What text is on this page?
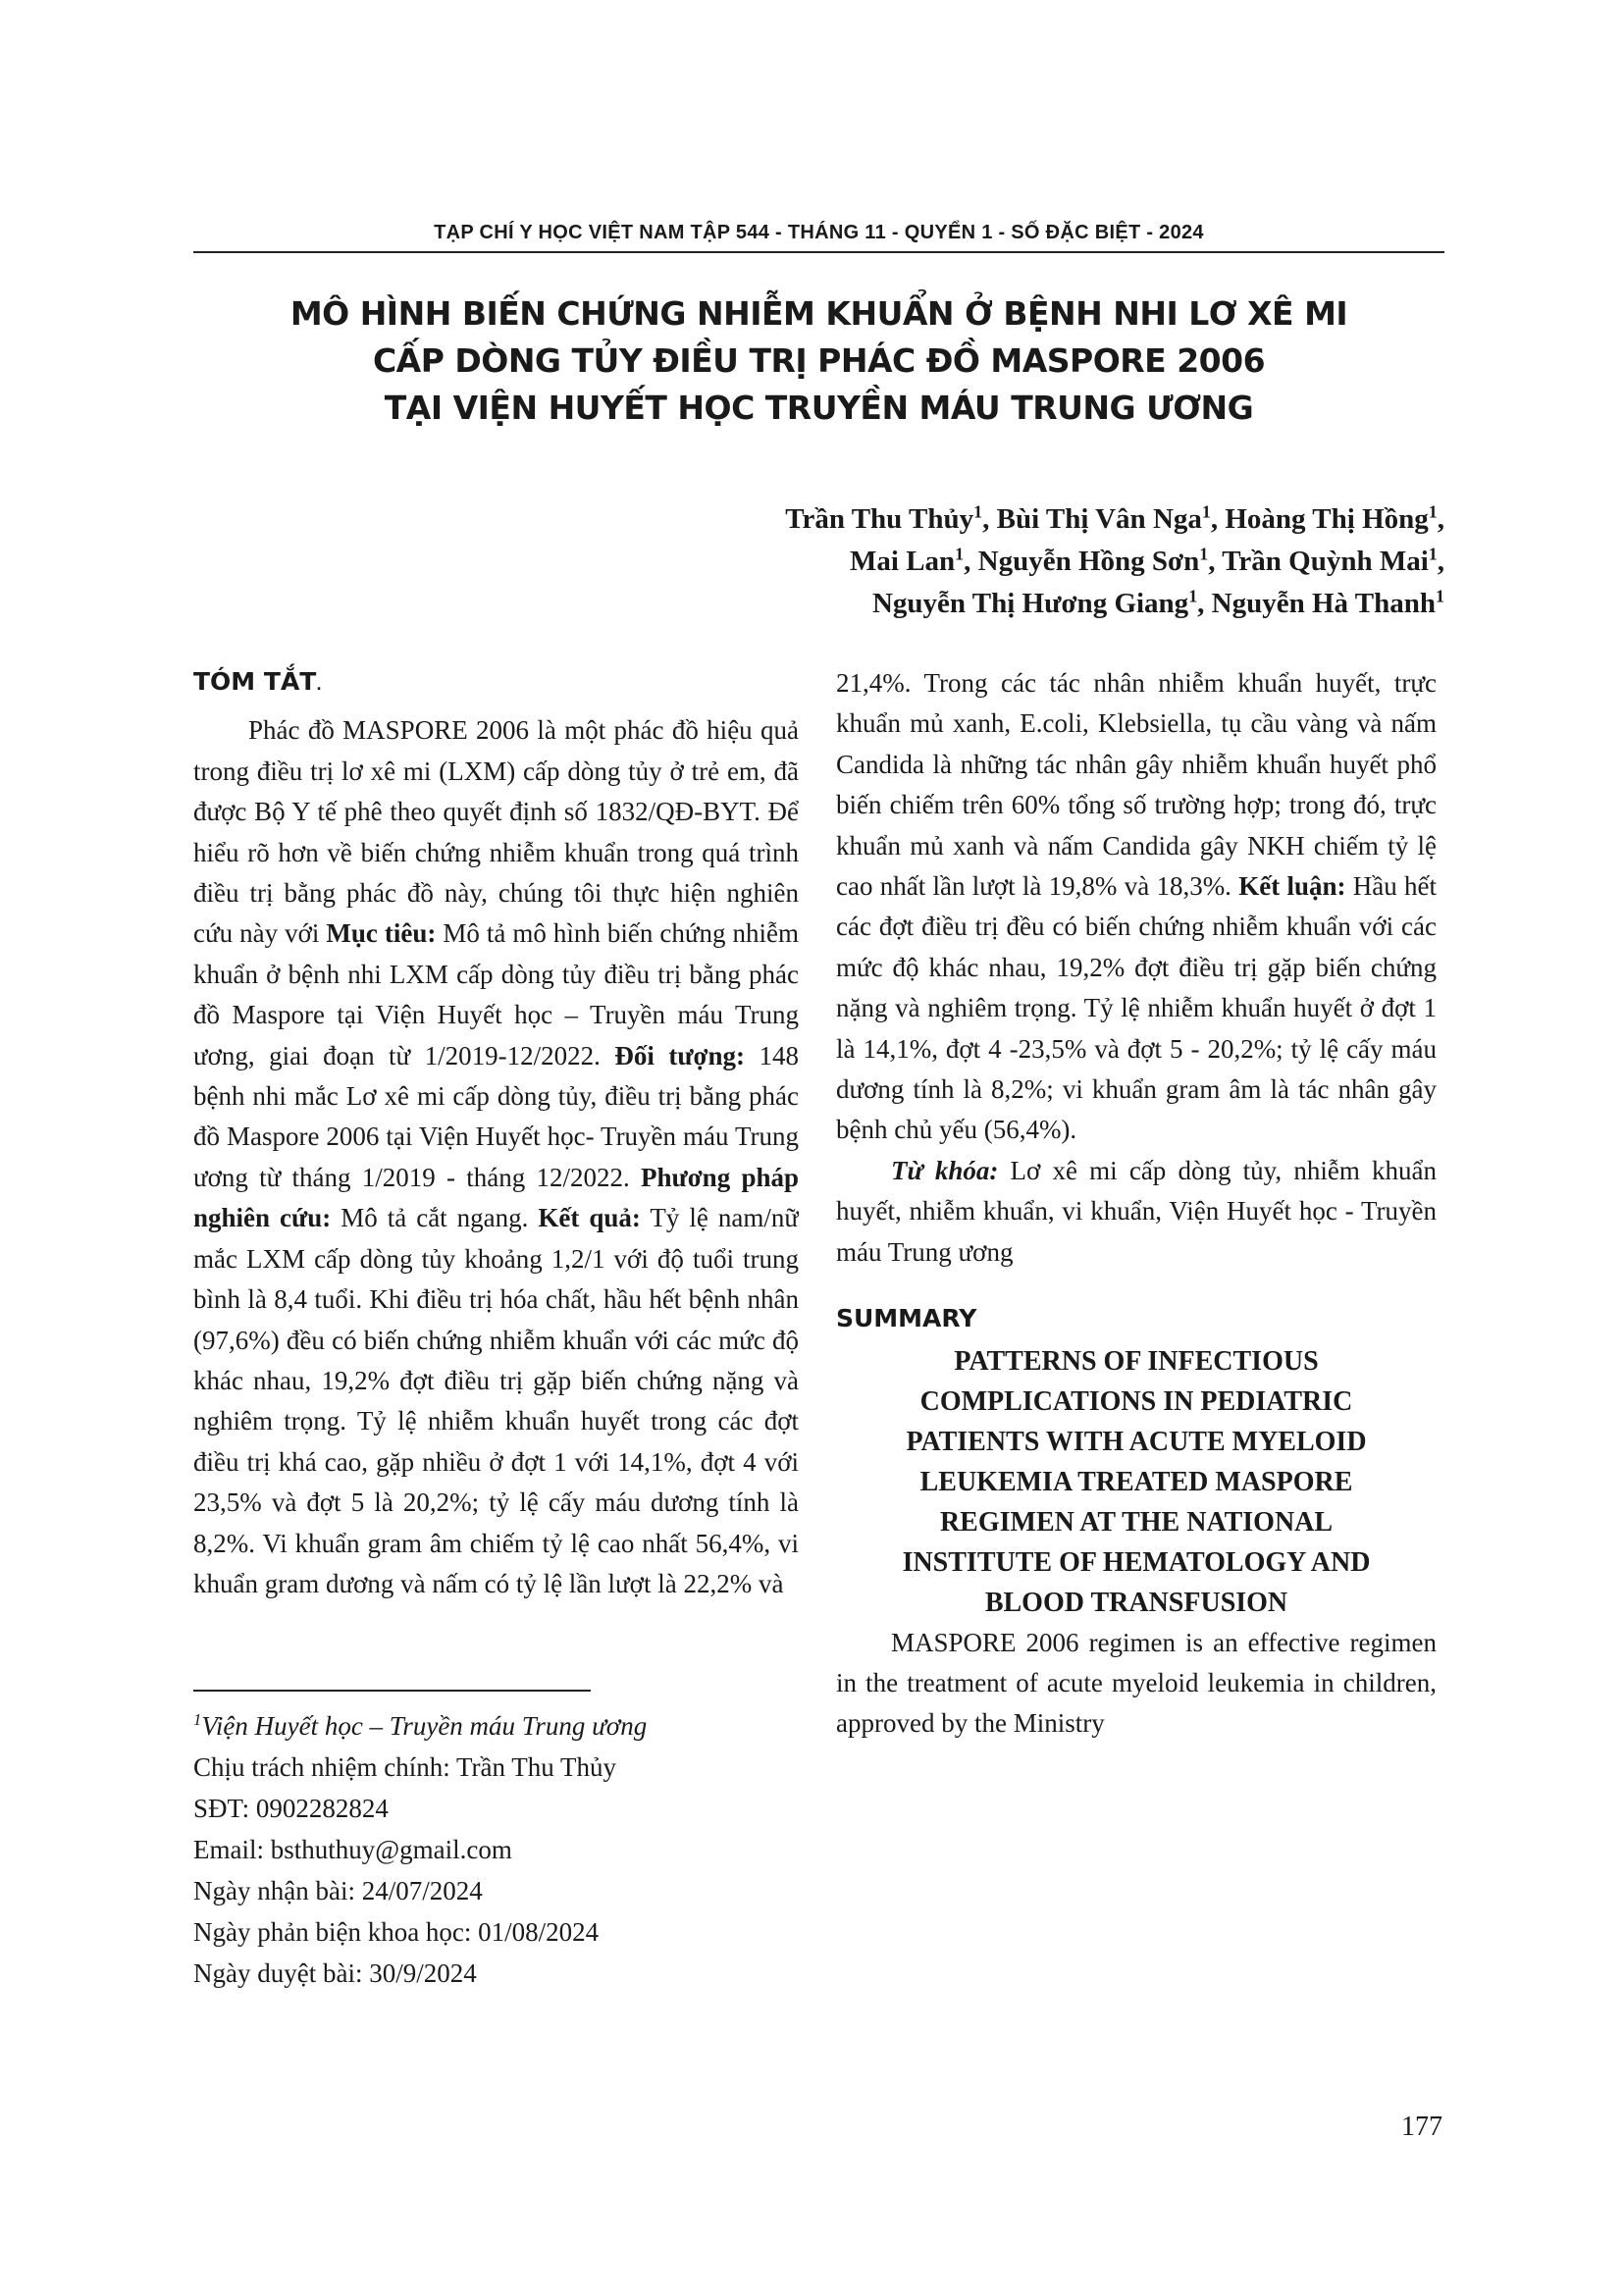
TẠP CHÍ Y HỌC VIỆT NAM TẬP 544 - THÁNG 11 - QUYỂN 1 - SỐ ĐẶC BIỆT - 2024
MÔ HÌNH BIẾN CHỨNG NHIỄM KHUẨN Ở BỆNH NHI LƠ XÊ MI
CẤP DÒNG TỦY ĐIỀU TRỊ PHÁC ĐỒ MASPORE 2006
TẠI VIỆN HUYẾT HỌC TRUYỀN MÁU TRUNG ƯƠNG
Trần Thu Thủy$^1$, Bùi Thị Vân Nga$^1$, Hoàng Thị Hồng$^1$,
Mai Lan$^1$, Nguyễn Hồng Sơn$^1$, Trần Quỳnh Mai$^1$,
Nguyễn Thị Hương Giang$^1$, Nguyễn Hà Thanh$^1$
TÓM TẮT.

Phác đồ MASPORE 2006 là một phác đồ hiệu quả trong điều trị lơ xê mi (LXM) cấp dòng tủy ở trẻ em, đã được Bộ Y tế phê theo quyết định số 1832/QĐ-BYT. Để hiểu rõ hơn về biến chứng nhiễm khuẩn trong quá trình điều trị bằng phác đồ này, chúng tôi thực hiện nghiên cứu này với Mục tiêu: Mô tả mô hình biến chứng nhiễm khuẩn ở bệnh nhi LXM cấp dòng tủy điều trị bằng phác đồ Maspore tại Viện Huyết học – Truyền máu Trung ương, giai đoạn từ 1/2019-12/2022. Đối tượng: 148 bệnh nhi mắc Lơ xê mi cấp dòng tủy, điều trị bằng phác đồ Maspore 2006 tại Viện Huyết học- Truyền máu Trung ương từ tháng 1/2019 - tháng 12/2022. Phương pháp nghiên cứu: Mô tả cắt ngang. Kết quả: Tỷ lệ nam/nữ mắc LXM cấp dòng tủy khoảng 1,2/1 với độ tuổi trung bình là 8,4 tuổi. Khi điều trị hóa chất, hầu hết bệnh nhân (97,6%) đều có biến chứng nhiễm khuẩn với các mức độ khác nhau, 19,2% đợt điều trị gặp biến chứng nặng và nghiêm trọng. Tỷ lệ nhiễm khuẩn huyết trong các đợt điều trị khá cao, gặp nhiều ở đợt 1 với 14,1%, đợt 4 với 23,5% và đợt 5 là 20,2%; tỷ lệ cấy máu dương tính là 8,2%. Vi khuẩn gram âm chiếm tỷ lệ cao nhất 56,4%, vi khuẩn gram dương và nấm có tỷ lệ lần lượt là 22,2% và

21,4%. Trong các tác nhân nhiễm khuẩn huyết, trực khuẩn mủ xanh, E.coli, Klebsiella, tụ cầu vàng và nấm Candida là những tác nhân gây nhiễm khuẩn huyết phổ biến chiếm trên 60% tổng số trường hợp; trong đó, trực khuẩn mủ xanh và nấm Candida gây NKH chiếm tỷ lệ cao nhất lần lượt là 19,8% và 18,3%. Kết luận: Hầu hết các đợt điều trị đều có biến chứng nhiễm khuẩn với các mức độ khác nhau, 19,2% đợt điều trị gặp biến chứng nặng và nghiêm trọng. Tỷ lệ nhiễm khuẩn huyết ở đợt 1 là 14,1%, đợt 4 -23,5% và đợt 5 - 20,2%; tỷ lệ cấy máu dương tính là 8,2%; vi khuẩn gram âm là tác nhân gây bệnh chủ yếu (56,4%).

Từ khóa: Lơ xê mi cấp dòng tủy, nhiễm khuẩn huyết, nhiễm khuẩn, vi khuẩn, Viện Huyết học - Truyền máu Trung ương

SUMMARY
PATTERNS OF INFECTIOUS
COMPLICATIONS IN PEDIATRIC
PATIENTS WITH ACUTE MYELOID
LEUKEMIA TREATED MASPORE
REGIMEN AT THE NATIONAL
INSTITUTE OF HEMATOLOGY AND
BLOOD TRANSFUSION

MASPORE 2006 regimen is an effective regimen in the treatment of acute myeloid leukemia in children, approved by the Ministry

$^1$Viện Huyết học – Truyền máu Trung ương
Chịu trách nhiệm chính: Trần Thu Thủy
SĐT: 0902282824
Email: bsthuthuy@gmail.com
Ngày nhận bài: 24/07/2024
Ngày phản biện khoa học: 01/08/2024
Ngày duyệt bài: 30/9/2024
177
